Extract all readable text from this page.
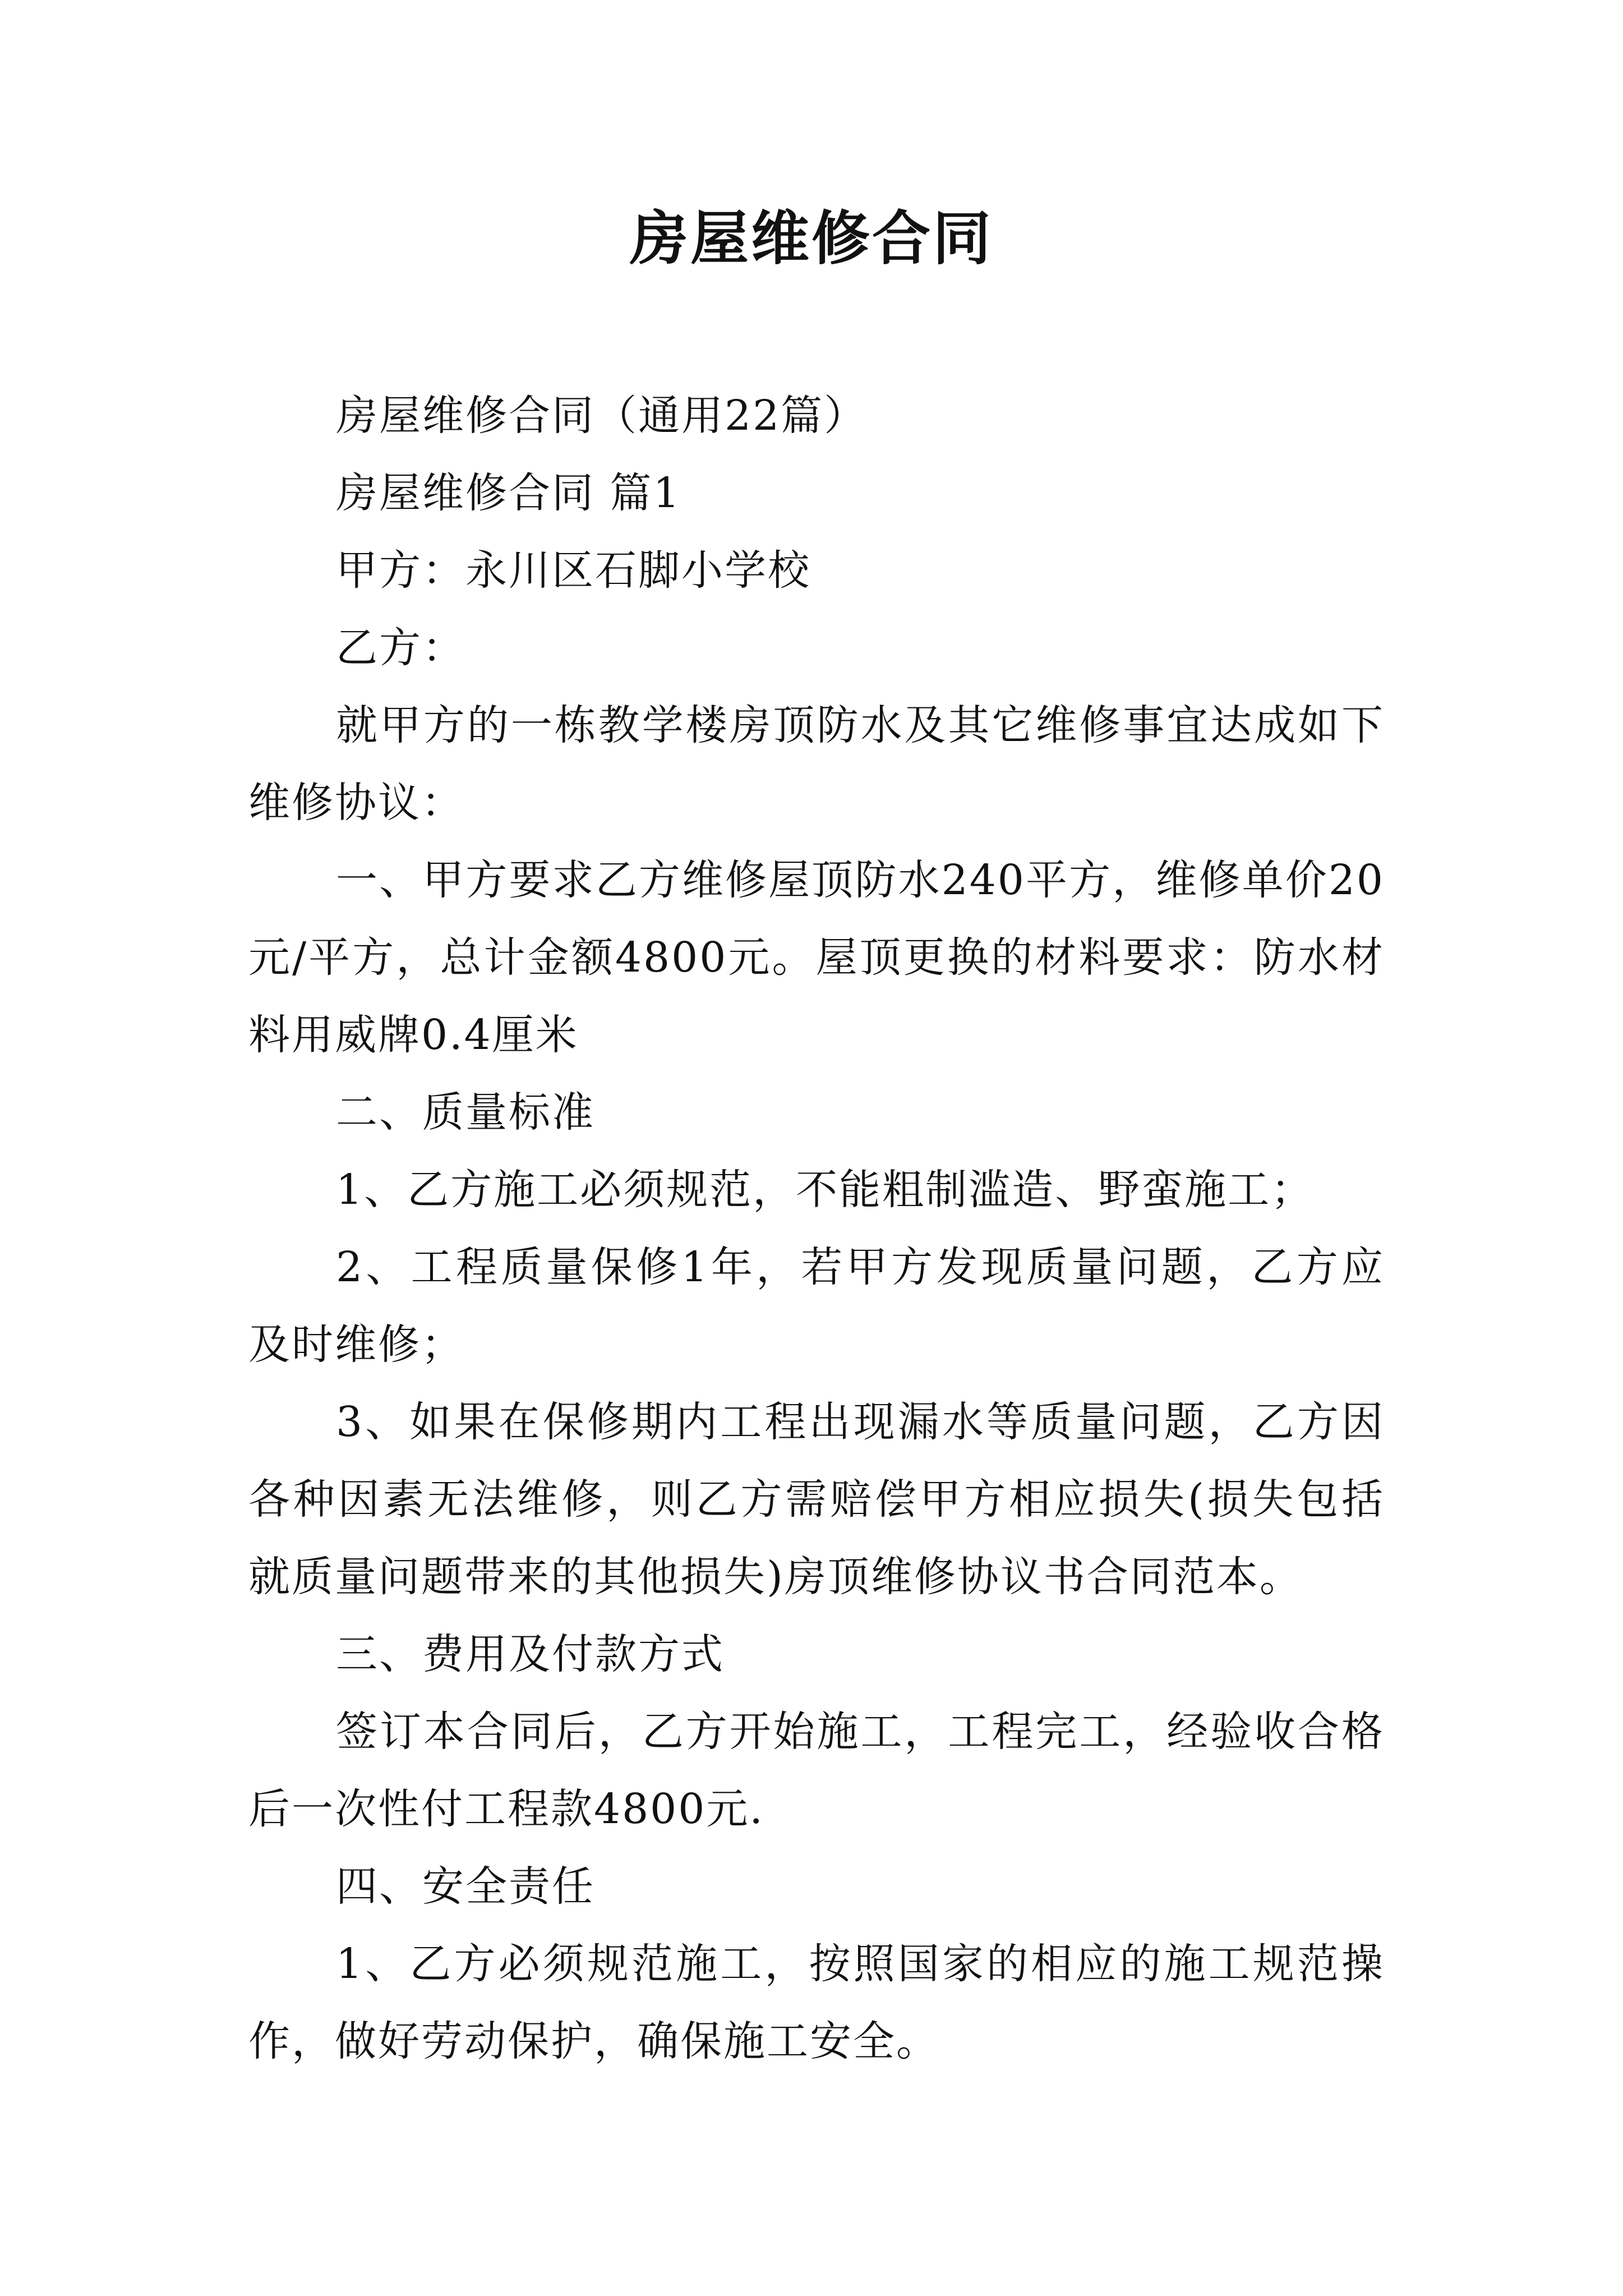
房屋维修合同

房屋维修合同（通用22篇）

房屋维修合同 篇1

甲方：永川区石脚小学校

乙方：

就甲方的一栋教学楼房顶防水及其它维修事宜达成如下维修协议：

一、甲方要求乙方维修屋顶防水240平方，维修单价20元/平方，总计金额4800元。屋顶更换的材料要求：防水材料用威牌0.4厘米

二、质量标准

1、乙方施工必须规范，不能粗制滥造、野蛮施工；

2、工程质量保修1年，若甲方发现质量问题，乙方应及时维修；

3、如果在保修期内工程出现漏水等质量问题，乙方因各种因素无法维修，则乙方需赔偿甲方相应损失(损失包括就质量问题带来的其他损失)房顶维修协议书合同范本。

三、费用及付款方式

签订本合同后，乙方开始施工，工程完工，经验收合格后一次性付工程款4800元.

四、安全责任

1、乙方必须规范施工，按照国家的相应的施工规范操作，做好劳动保护，确保施工安全。
